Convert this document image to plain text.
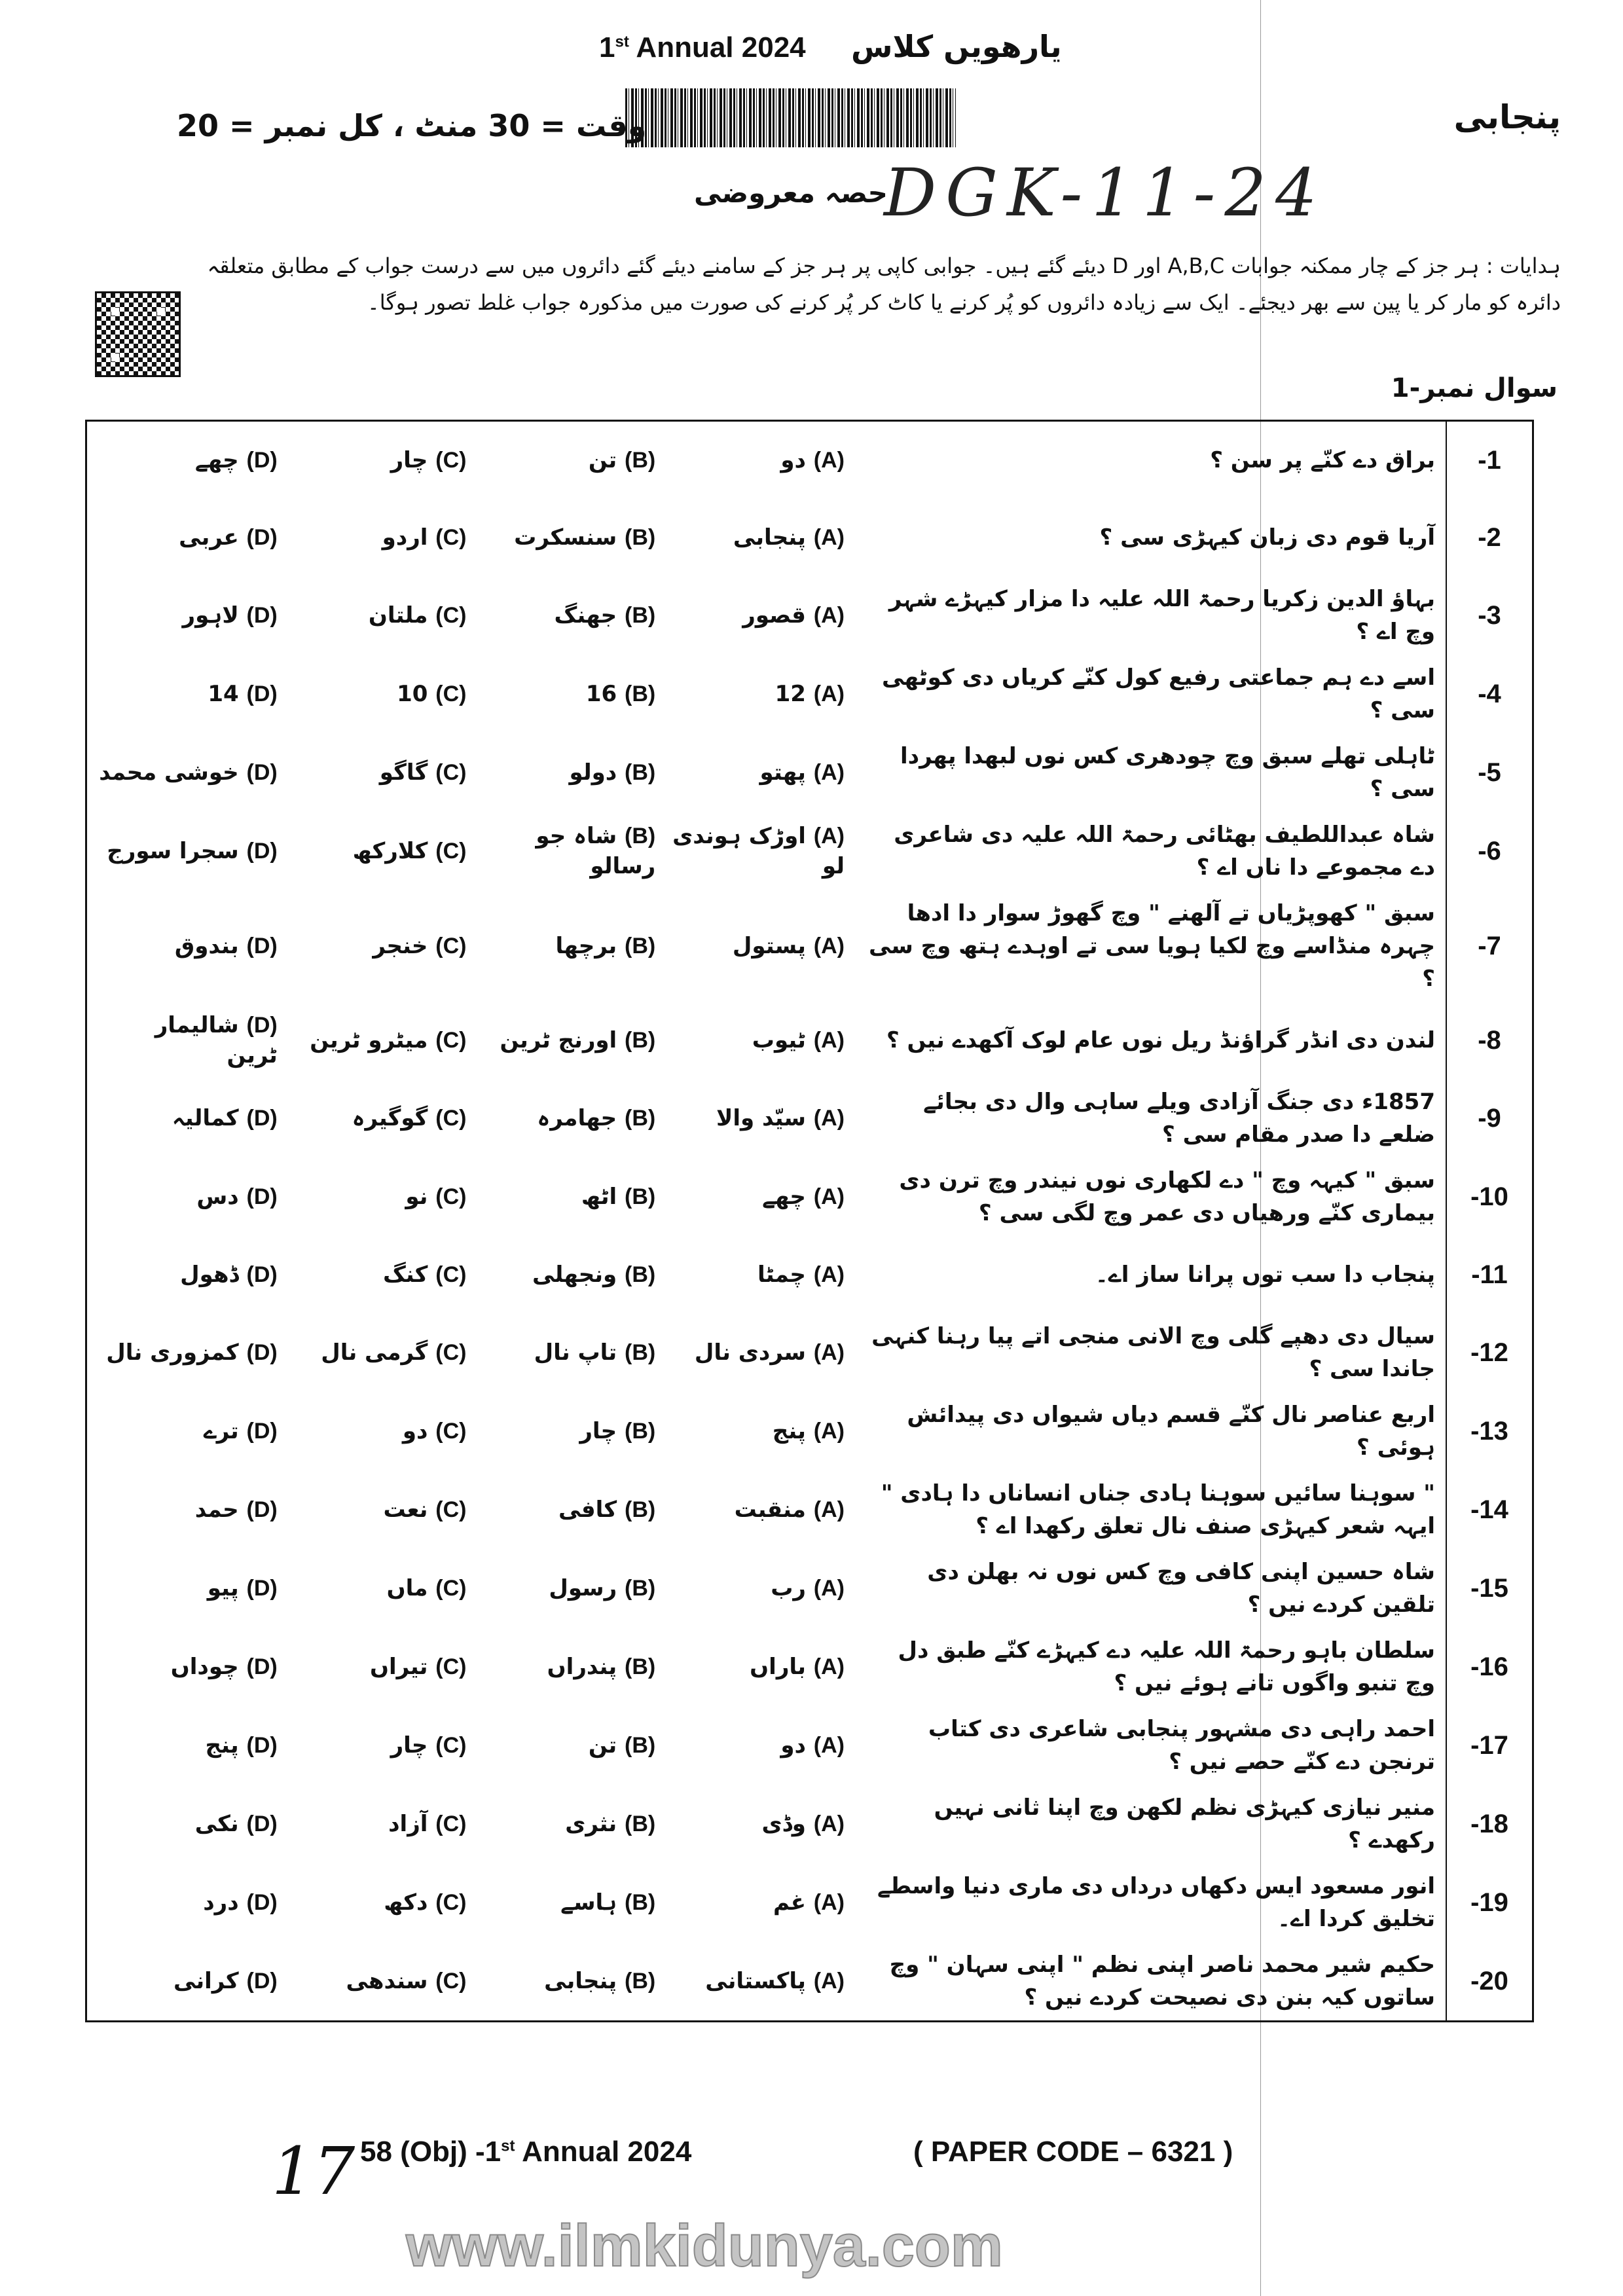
1st Annual 2024 یارھویں کلاس
پنجابی
وقت = 30 منٹ ، کل نمبر = 20
حصہ معروضی
DGK-11-24
ہدایات : ہر جز کے چار ممکنہ جوابات A,B,C اور D دیئے گئے ہیں۔ جوابی کاپی پر ہر جز کے سامنے دیئے گئے دائروں میں سے درست جواب کے مطابق متعلقہ
دائرہ کو مار کر یا پین سے بھر دیجئے۔ ایک سے زیادہ دائروں کو پُر کرنے یا کاٹ کر پُر کرنے کی صورت میں مذکورہ جواب غلط تصور ہوگا۔
سوال نمبر-1
-1
براق دے کنّے پر سن ؟
(A) دو
(B) تن
(C) چار
(D) چھے
-2
آریا قوم دی زبان کیہڑی سی ؟
(A) پنجابی
(B) سنسکرت
(C) اردو
(D) عربی
-3
بہاؤ الدین زکریا رحمۃ اللہ علیہ دا مزار کیہڑے شہر وچ اے ؟
(A) قصور
(B) جھنگ
(C) ملتان
(D) لاہور
-4
اسے دے ہم جماعتی رفیع کول کنّے کریاں دی کوٹھی سی ؟
(A) 12
(B) 16
(C) 10
(D) 14
-5
ٹاہلی تھلے سبق وچ چودھری کس نوں لبھدا پھردا سی ؟
(A) پھتو
(B) دولو
(C) گاگو
(D) خوشی محمد
-6
شاہ عبداللطیف بھٹائی رحمۃ اللہ علیہ دی شاعری دے مجموعے دا ناں اے ؟
(A) اوڑک ہوندی لو
(B) شاہ جو رسالو
(C) کلارکھ
(D) سجرا سورج
-7
سبق " کھوپڑیاں تے آلھنے " وچ گھوڑ سوار دا ادھا چہرہ منڈاسے وچ لکیا ہویا سی تے اوہدے ہتھ وچ سی ؟
(A) پستول
(B) برچھا
(C) خنجر
(D) بندوق
-8
لندن دی انڈر گراؤنڈ ریل نوں عام لوک آکھدے نیں ؟
(A) ٹیوب
(B) اورنج ٹرین
(C) میٹرو ٹرین
(D) شالیمار ٹرین
-9
1857ء دی جنگ آزادی ویلے ساہی وال دی بجائے ضلعے دا صدر مقام سی ؟
(A) سیّد والا
(B) جھامرہ
(C) گوگیرہ
(D) کمالیہ
-10
سبق " کیہہ وچ " دے لکھاری نوں نیندر وچ ترن دی بیماری کنّے ورھیاں دی عمر وچ لگی سی ؟
(A) چھے
(B) اٹھ
(C) نو
(D) دس
-11
پنجاب دا سب توں پرانا ساز اے۔
(A) چمٹا
(B) ونجھلی
(C) کنگ
(D) ڈھول
-12
سیال دی دھپے گلی وچ الانی منجی اتے پیا رہنا کنہی جاندا سی ؟
(A) سردی نال
(B) تاپ نال
(C) گرمی نال
(D) کمزوری نال
-13
اربع عناصر نال کنّے قسم دیاں شیواں دی پیدائش ہوئی ؟
(A) پنج
(B) چار
(C) دو
(D) ترے
-14
" سوہنا سائیں سوہنا ہادی جناں انساناں دا ہادی " ایہہ شعر کیہڑی صنف نال تعلق رکھدا اے ؟
(A) منقبت
(B) کافی
(C) نعت
(D) حمد
-15
شاہ حسین اپنی کافی وچ کس نوں نہ بھلن دی تلقین کردے نیں ؟
(A) رب
(B) رسول
(C) ماں
(D) پیو
-16
سلطان باہو رحمۃ اللہ علیہ دے کیہڑے کنّے طبق دل وچ تنبو واگوں تانے ہوئے نیں ؟
(A) باراں
(B) پندراں
(C) تیراں
(D) چوداں
-17
احمد راہی دی مشہور پنجابی شاعری دی کتاب ترنجن دے کنّے حصے نیں ؟
(A) دو
(B) تن
(C) چار
(D) پنج
-18
منیر نیازی کیہڑی نظم لکھن وچ اپنا ثانی نہیں رکھدے ؟
(A) وڈی
(B) نثری
(C) آزاد
(D) نکی
-19
انور مسعود ایس دکھاں درداں دی ماری دنیا واسطے تخلیق کردا اے۔
(A) غم
(B) ہاسے
(C) دکھ
(D) درد
-20
حکیم شیر محمد ناصر اپنی نظم " اپنی سہان " وچ ساتوں کیہ بنن دی نصیحت کردے نیں ؟
(A) پاکستانی
(B) پنجابی
(C) سندھی
(D) کرانی
www.ilmkidunya.com
17 58 (Obj) -1st Annual 2024	( PAPER CODE – 6321 )
